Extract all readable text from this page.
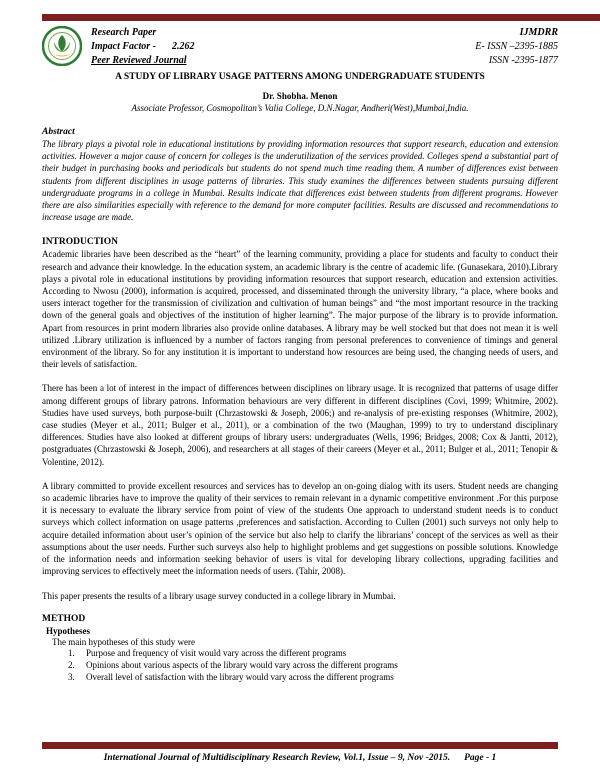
Research Paper
Impact Factor - 2.262
Peer Reviewed Journal
IJMDRR
E- ISSN –2395-1885
ISSN -2395-1877
A STUDY OF LIBRARY USAGE PATTERNS AMONG UNDERGRADUATE STUDENTS
Dr. Shobha. Menon
Associate Professor, Cosmopolitan’s Valia College, D.N.Nagar, Andheri(West),Mumbai,India.
Abstract
The library plays a pivotal role in educational institutions by providing information resources that support research, education and extension activities. However a major cause of concern for colleges is the underutilization of the services provided. Colleges spend a substantial part of their budget in purchasing books and periodicals but students do not spend much time reading them. A number of differences exist between students from different disciplines in usage patterns of libraries. This study examines the differences between students pursuing different undergraduate programs in a college in Mumbai. Results indicate that differences exist between students from different programs. However there are also similarities especially with reference to the demand for more computer facilities. Results are discussed and recommendations to increase usage are made.
INTRODUCTION
Academic libraries have been described as the “heart” of the learning community, providing a place for students and faculty to conduct their research and advance their knowledge. In the education system, an academic library is the centre of academic life. (Gunasekara, 2010).Library plays a pivotal role in educational institutions by providing information resources that support research, education and extension activities. According to Nwosu (2000), information is acquired, processed, and disseminated through the university library, “a place, where books and users interact together for the transmission of civilization and cultivation of human beings” and “the most important resource in the tracking down of the general goals and objectives of the institution of higher learning”. The major purpose of the library is to provide information. Apart from resources in print modern libraries also provide online databases. A library may be well stocked but that does not mean it is well utilized .Library utilization is influenced by a number of factors ranging from personal preferences to convenience of timings and general environment of the library. So for any institution it is important to understand how resources are being used, the changing needs of users, and their levels of satisfaction.
There has been a lot of interest in the impact of differences between disciplines on library usage. It is recognized that patterns of usage differ among different groups of library patrons. Information behaviours are very different in different disciplines (Covi, 1999; Whitmire, 2002). Studies have used surveys, both purpose-built (Chrzastowski & Joseph, 2006;) and re-analysis of pre-existing responses (Whitmire, 2002), case studies (Meyer et al., 2011; Bulger et al., 2011), or a combination of the two (Maughan, 1999) to try to understand disciplinary differences. Studies have also looked at different groups of library users: undergraduates (Wells, 1996; Bridges, 2008; Cox & Jantti, 2012), postgraduates (Chrzastowski & Joseph, 2006), and researchers at all stages of their careers (Meyer et al., 2011; Bulger et al., 2011; Tenopir & Volentine, 2012).
A library committed to provide excellent resources and services has to develop an on-going dialog with its users. Student needs are changing so academic libraries have to improve the quality of their services to remain relevant in a dynamic competitive environment .For this purpose it is necessary to evaluate the library service from point of view of the students One approach to understand student needs is to conduct surveys which collect information on usage patterns ,preferences and satisfaction. According to Cullen (2001) such surveys not only help to acquire detailed information about user’s opinion of the service but also help to clarify the librarians’ concept of the services as well as their assumptions about the user needs. Further such surveys also help to highlight problems and get suggestions on possible solutions. Knowledge of the information needs and information seeking behavior of users is vital for developing library collections, upgrading facilities and improving services to effectively meet the information needs of users. (Tahir, 2008).
This paper presents the results of a library usage survey conducted in a college library in Mumbai.
METHOD
Hypotheses
The main hypotheses of this study were
1.	Purpose and frequency of visit would vary across the different programs
2.	Opinions about various aspects of the library would vary across the different programs
3.	Overall level of satisfaction with the library would vary across the different programs
International Journal of Multidisciplinary Research Review, Vol.1, Issue – 9, Nov -2015. Page - 1
